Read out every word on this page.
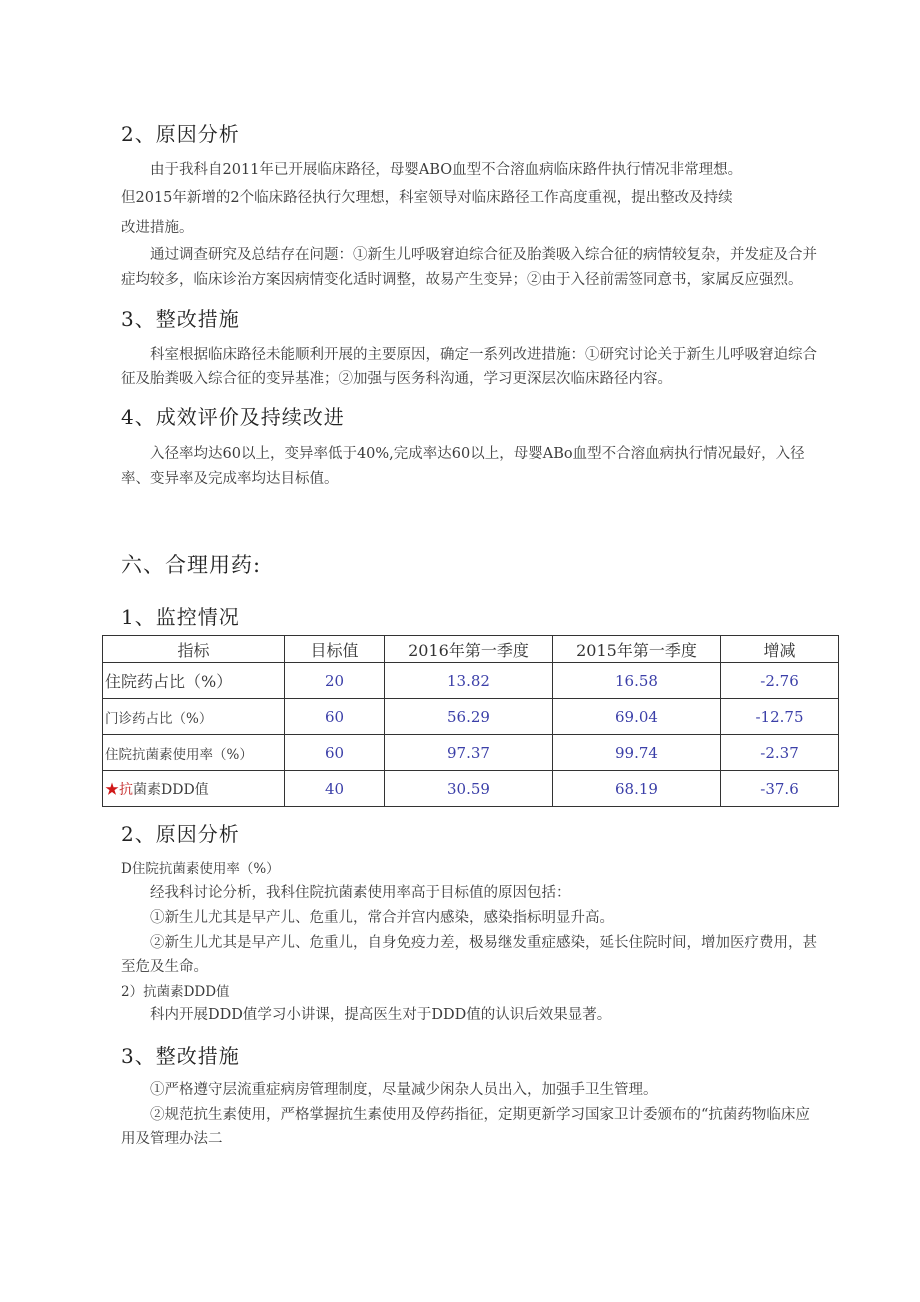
2、原因分析
由于我科自2011年已开展临床路径，母婴ABO血型不合溶血病临床路件执行情况非常理想。
但2015年新增的2个临床路径执行欠理想，科室领导对临床路径工作高度重视，提出整改及持续
改进措施。
通过调查研究及总结存在问题：①新生儿呼吸窘迫综合征及胎粪吸入综合征的病情较复杂，并发症及合并
症均较多，临床诊治方案因病情变化适时调整，故易产生变异；②由于入径前需签同意书，家属反应强烈。
3、整改措施
科室根据临床路径未能顺利开展的主要原因，确定一系列改进措施：①研究讨论关于新生儿呼吸窘迫综合
征及胎粪吸入综合征的变异基准；②加强与医务科沟通，学习更深层次临床路径内容。
4、成效评价及持续改进
入径率均达60以上，变异率低于40%,完成率达60以上，母婴ABo血型不合溶血病执行情况最好，入径
率、变异率及完成率均达目标值。
六、合理用药:
1、监控情况
指标	目标值	2016年第一季度	2015年第一季度	增减
住院药占比（%）	20	13.82	16.58	-2.76
门诊药占比（%）	60	56.29	69.04	-12.75
住院抗菌素使用率（%）	60	97.37	99.74	-2.37
★抗菌素DDD值	40	30.59	68.19	-37.6
2、原因分析
D住院抗菌素使用率（%）
经我科讨论分析，我科住院抗菌素使用率高于目标值的原因包括：
①新生儿尤其是早产儿、危重儿，常合并宫内感染，感染指标明显升高。
②新生儿尤其是早产儿、危重儿，自身免疫力差，极易继发重症感染，延长住院时间，增加医疗费用，甚
至危及生命。
2）抗菌素DDD值
科内开展DDD值学习小讲课，提高医生对于DDD值的认识后效果显著。
3、整改措施
①严格遵守层流重症病房管理制度，尽量减少闲杂人员出入，加强手卫生管理。
②规范抗生素使用，严格掌握抗生素使用及停药指征，定期更新学习国家卫计委颁布的“抗菌药物临床应
用及管理办法二
